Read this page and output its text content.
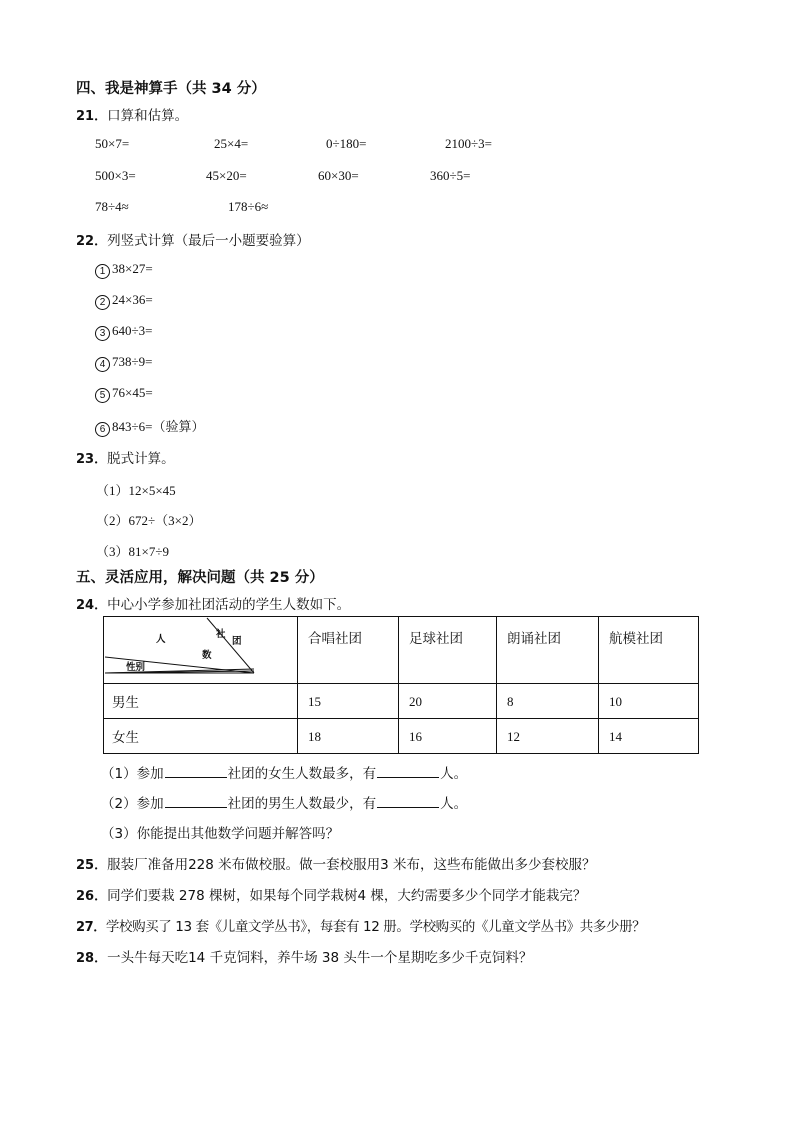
四、我是神算手（共 34 分）
21．口算和估算。
50×7=	25×4=	0÷180=	2100÷3=
500×3=	45×20=	60×30=	360÷5=
78÷4≈	178÷6≈
22．列竖式计算（最后一小题要验算）
1 38×27=
2 24×36=
3 640÷3=
4 738÷9=
5 76×45=
6 843÷6=（验算）
23．脱式计算。
（1）12×5×45
（2）672÷（3×2）
（3）81×7÷9
五、灵活应用，解决问题（共 25 分）
24．中心小学参加社团活动的学生人数如下。
人 社
团
数
性别	合唱社团	足球社团	朗诵社团	航模社团
男生	15	20	8	10
女生	18	16	12	14
（1）参加	社团的女生人数最多，有	人。
（2）参加	社团的男生人数最少，有	人。
（3）你能提出其他数学问题并解答吗？
25．服装厂准备用228 米布做校服。做一套校服用3 米布，这些布能做出多少套校服？
26．同学们要栽 278 棵树，如果每个同学栽树4 棵，大约需要多少个同学才能栽完？
27．学校购买了 13 套《儿童文学丛书》，每套有 12 册。学校购买的《儿童文学丛书》共多少册？
28．一头牛每天吃14 千克饲料，养牛场 38 头牛一个星期吃多少千克饲料？
